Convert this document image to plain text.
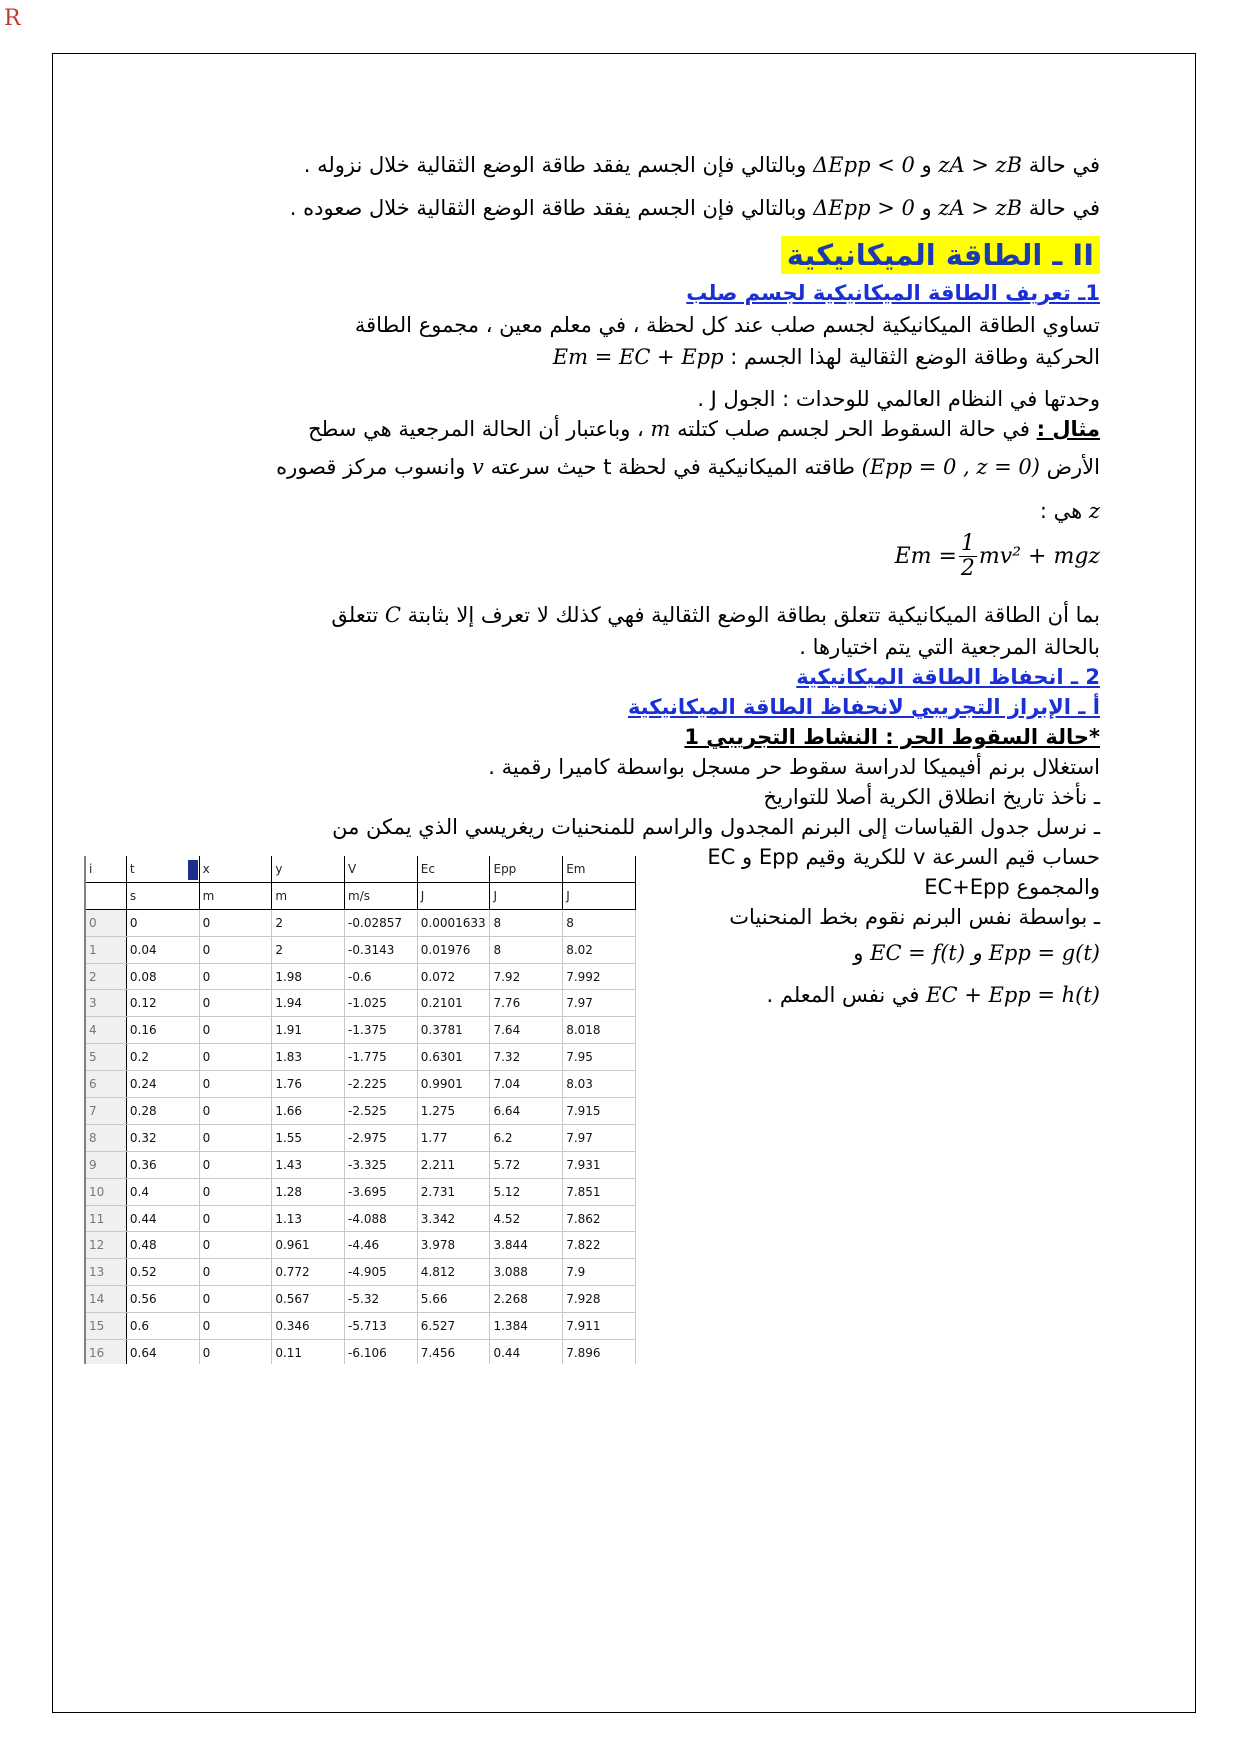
R
في حالة zA > zB و ΔEpp < 0 وبالتالي فإن الجسم يفقد طاقة الوضع الثقالية خلال نزوله .
في حالة zA > zB و ΔEpp > 0 وبالتالي فإن الجسم يفقد طاقة الوضع الثقالية خلال صعوده .
II ـ الطاقة الميكانيكية
1ـ تعريف الطاقة الميكانيكية لجسم صلب
تساوي الطاقة الميكانيكية لجسم صلب عند كل لحظة ، في معلم معين ، مجموع الطاقة
الحركية وطاقة الوضع الثقالية لهذا الجسم : Em = EC + Epp
وحدتها في النظام العالمي للوحدات : الجول J .
مثال : في حالة السقوط الحر لجسم صلب كتلته m ، وباعتبار أن الحالة المرجعية هي سطح
الأرض (Epp = 0 , z = 0) طاقته الميكانيكية في لحظة t حيث سرعته v وانسوب مركز قصوره
z هي :
$Em = \frac{1}{2} mv^2$ + mgz
بما أن الطاقة الميكانيكية تتعلق بطاقة الوضع الثقالية فهي كذلك لا تعرف إلا بثابتة C تتعلق
بالحالة المرجعية التي يتم اختيارها .
2 ـ انحفاظ الطاقة الميكانيكية
أ ـ الإبراز التجريبي لانحفاظ الطاقة الميكانيكية
*حالة السقوط الحر : النشاط التجريبي 1
استغلال برنم أفيميكا لدراسة سقوط حر مسجل بواسطة كاميرا رقمية .
ـ نأخذ تاريخ انطلاق الكرية أصلا للتواريخ
ـ نرسل جدول القياسات إلى البرنم المجدول والراسم للمنحنيات ريغريسي الذي يمكن من
حساب قيم السرعة v للكرية وقيم Epp و EC
والمجموع EC+Epp
ـ بواسطة نفس البرنم نقوم بخط المنحنيات
EC = f(t) و Epp = g(t) و
EC + Epp = h(t) في نفس المعلم .
i	t	x	y	V	Ec	Epp	Em
	s	m	m	m/s	J	J	J
0	0	0	2	-0.02857	0.0001633	8	8
1	0.04	0	2	-0.3143	0.01976	8	8.02
2	0.08	0	1.98	-0.6	0.072	7.92	7.992
3	0.12	0	1.94	-1.025	0.2101	7.76	7.97
4	0.16	0	1.91	-1.375	0.3781	7.64	8.018
5	0.2	0	1.83	-1.775	0.6301	7.32	7.95
6	0.24	0	1.76	-2.225	0.9901	7.04	8.03
7	0.28	0	1.66	-2.525	1.275	6.64	7.915
8	0.32	0	1.55	-2.975	1.77	6.2	7.97
9	0.36	0	1.43	-3.325	2.211	5.72	7.931
10	0.4	0	1.28	-3.695	2.731	5.12	7.851
11	0.44	0	1.13	-4.088	3.342	4.52	7.862
12	0.48	0	0.961	-4.46	3.978	3.844	7.822
13	0.52	0	0.772	-4.905	4.812	3.088	7.9
14	0.56	0	0.567	-5.32	5.66	2.268	7.928
15	0.6	0	0.346	-5.713	6.527	1.384	7.911
16	0.64	0	0.11	-6.106	7.456	0.44	7.896
